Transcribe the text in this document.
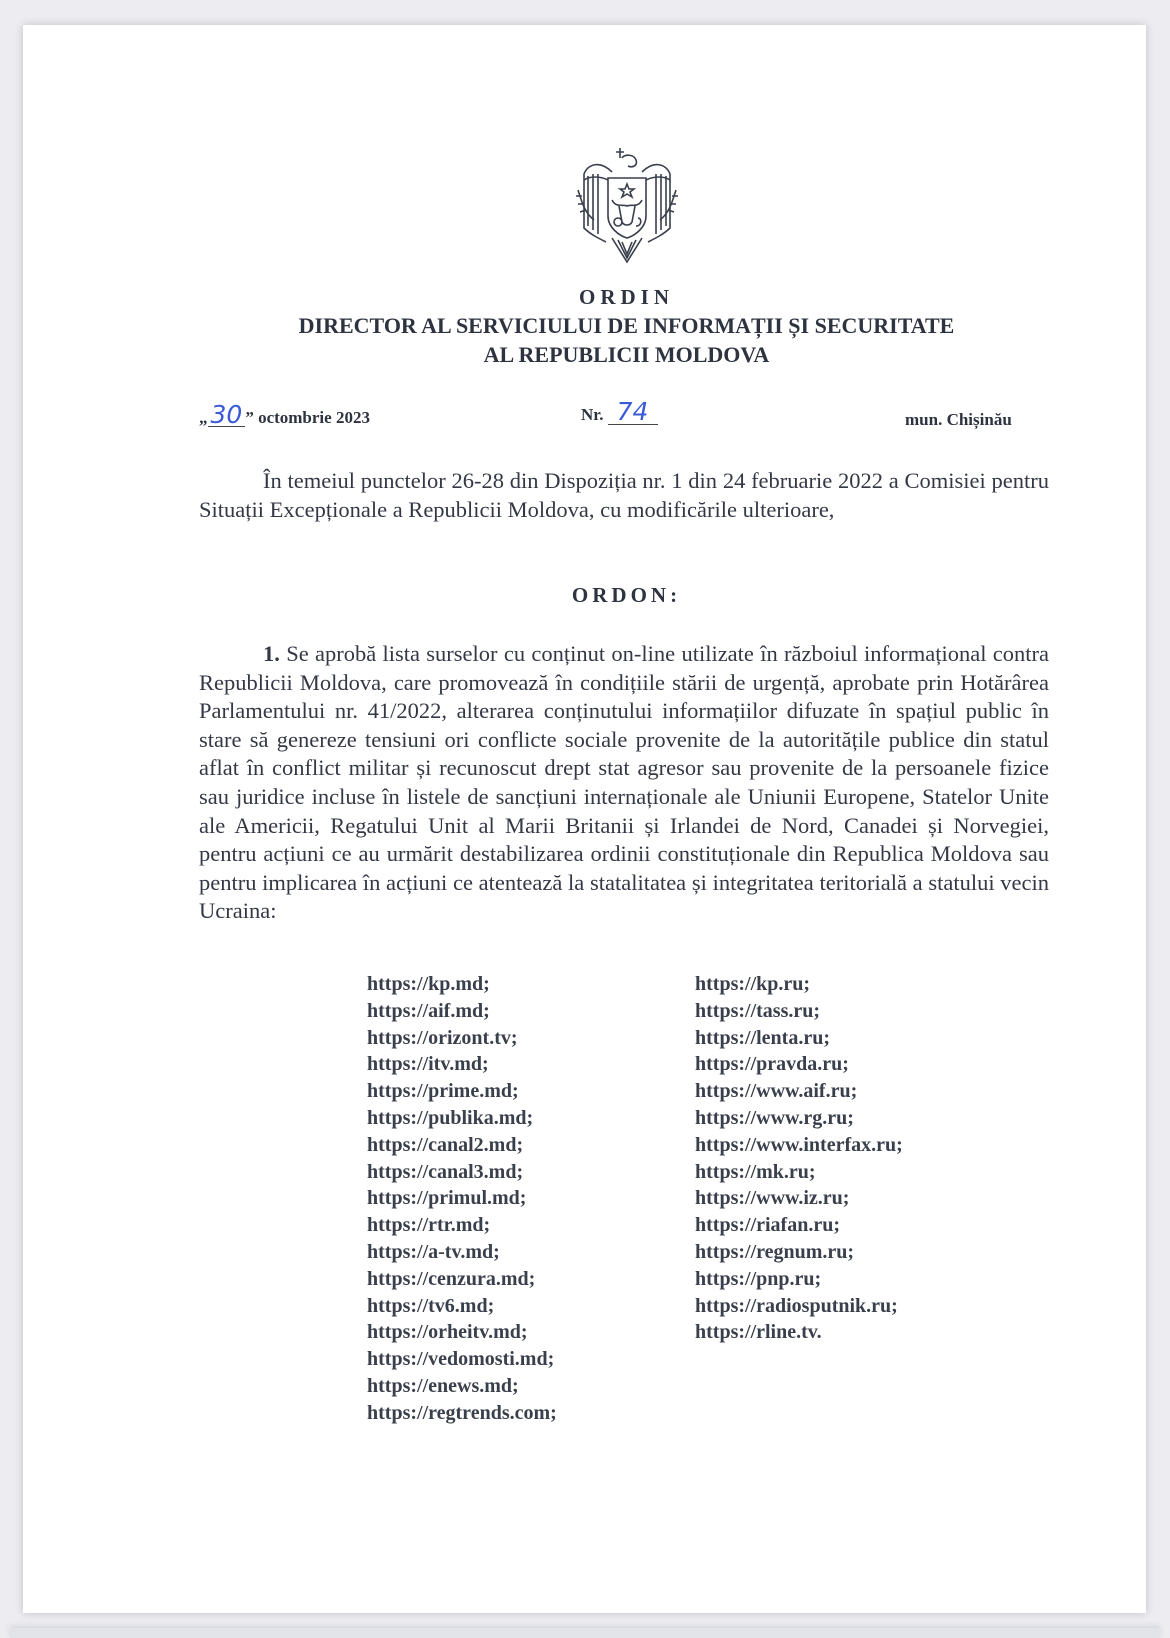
ORDIN
DIRECTOR AL SERVICIULUI DE INFORMAȚII ȘI SECURITATE
AL REPUBLICII MOLDOVA
„ 30 ” octombrie 2023	Nr. 74	mun. Chișinău
În temeiul punctelor 26-28 din Dispoziția nr. 1 din 24 februarie 2022 a Comisiei pentru Situații Excepționale a Republicii Moldova, cu modificările ulterioare,
ORDON:
1. Se aprobă lista surselor cu conținut on-line utilizate în războiul informațional contra Republicii Moldova, care promovează în condițiile stării de urgență, aprobate prin Hotărârea Parlamentului nr. 41/2022, alterarea conținutului informațiilor difuzate în spațiul public în stare să genereze tensiuni ori conflicte sociale provenite de la autoritățile publice din statul aflat în conflict militar și recunoscut drept stat agresor sau provenite de la persoanele fizice sau juridice incluse în listele de sancțiuni internaționale ale Uniunii Europene, Statelor Unite ale Americii, Regatului Unit al Marii Britanii și Irlandei de Nord, Canadei și Norvegiei, pentru acțiuni ce au urmărit destabilizarea ordinii constituționale din Republica Moldova sau pentru implicarea în acțiuni ce atentează la statalitatea și integritatea teritorială a statului vecin Ucraina:
https://kp.md;
https://aif.md;
https://orizont.tv;
https://itv.md;
https://prime.md;
https://publika.md;
https://canal2.md;
https://canal3.md;
https://primul.md;
https://rtr.md;
https://a-tv.md;
https://cenzura.md;
https://tv6.md;
https://orheitv.md;
https://vedomosti.md;
https://enews.md;
https://regtrends.com;
https://kp.ru;
https://tass.ru;
https://lenta.ru;
https://pravda.ru;
https://www.aif.ru;
https://www.rg.ru;
https://www.interfax.ru;
https://mk.ru;
https://www.iz.ru;
https://riafan.ru;
https://regnum.ru;
https://pnp.ru;
https://radiosputnik.ru;
https://rline.tv.
